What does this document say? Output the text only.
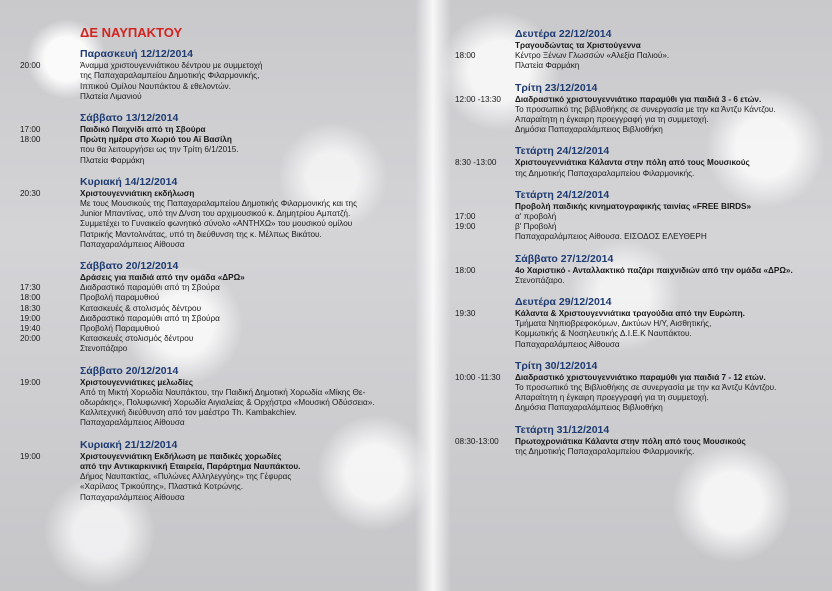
ΔΕ ΝΑΥΠΑΚΤΟΥ
Παρασκευή 12/12/2014
20:00	Άναμμα χριστουγεννιάτικου δέντρου με συμμετοχή
της Παπαχαραλαμπείου Δημοτικής Φιλαρμονικής,
Ιππικού Ομίλου Ναυπάκτου & εθελοντών.
Πλατεία Λιμανιού
Σάββατο 13/12/2014
17:00	Παιδικό Παιχνίδι από τη Σβούρα
18:00	Πρώτη ημέρα στο Χωριό του Αϊ Βασίλη
που θα λειτουργήσει ως την Τρίτη 6/1/2015.
Πλατεία Φαρμάκη
Κυριακή 14/12/2014
20:30	Χριστουγεννιάτικη εκδήλωση
Με τους Μουσικούς της Παπαχαραλαμπείου Δημοτικής Φιλαρμονικής και της
Junior Μπαντίνας, υπό την Δ/νση του αρχιμουσικού κ. Δημητρίου Αμπατζή.
Συμμετέχει το Γυναικείο φωνητικό σύνολο «ΑΝΤΗΧΩ» του μουσικού ομίλου
Πατρικής Μαντολινάτας, υπό τη διεύθυνση της κ. Μέλπως Βικάτου.
Παπαχαραλάμπειος Αίθουσα
Σάββατο 20/12/2014
Δράσεις για παιδιά από την ομάδα «ΔΡΩ»
17:30	Διαδραστικό παραμύθι από τη Σβούρα
18:00	Προβολή παραμυθιού
18:30	Κατασκευές & στολισμός δέντρου
19:00	Διαδραστικό παραμύθι από τη Σβούρα
19:40	Προβολή Παραμυθιού
20:00	Κατασκευές στολισμός δέντρου
Στενοπάζαρο
Σάββατο 20/12/2014
19:00	Χριστουγεννιάτικες μελωδίες
Από τη Μικτή Χορωδία Ναυπάκτου, την Παιδική Δημοτική Χορωδία «Μίκης Θε-
οδωράκης», Πολυφωνική Χορωδία Αιγιαλείας & Ορχήστρα «Μουσική Οδύσσεια».
Καλλιτεχνική διεύθυνση από τον μαέστρο Th. Kambakchiev.
Παπαχαραλάμπειος Αίθουσα
Κυριακή 21/12/2014
19:00	Χριστουγεννιάτικη Εκδήλωση με παιδικές χορωδίες
από την Αντικαρκινική Εταιρεία, Παράρτημα Ναυπάκτου.
Δήμος Ναυπακτίας, «Πυλώνες Αλληλεγγύης» της Γέφυρας
«Χαρίλαος Τρικούπης», Πλαστικά Κοτρώνης.
Παπαχαραλάμπειος Αίθουσα
Δευτέρα 22/12/2014
Τραγουδώντας τα Χριστούγεννα
18:00	Κέντρο Ξένων Γλωσσών «Αλεξία Παλιού».
Πλατεία Φαρμάκη
Τρίτη 23/12/2014
12:00 -13:30	Διαδραστικό χριστουγεννιάτικο παραμύθι για παιδιά 3 - 6 ετών.
Το προσωπικό της βιβλιοθήκης σε συνεργασία με την κα Άντζυ Κάντζου.
Απαραίτητη η έγκαιρη προεγγραφή για τη συμμετοχή.
Δημόσια Παπαχαραλάμπειος Βιβλιοθήκη
Τετάρτη 24/12/2014
8:30 -13:00	Χριστουγεννιάτικα Κάλαντα στην πόλη από τους Μουσικούς
της Δημοτικής Παπαχαραλαμπείου Φιλαρμονικής.
Τετάρτη 24/12/2014
Προβολή παιδικής κινηματογραφικής ταινίας «FREE BIRDS»
17:00	α' προβολή
19:00	β' Προβολή
Παπαχαραλάμπειος Αίθουσα. ΕΙΣΟΔΟΣ ΕΛΕΥΘΕΡΗ
Σάββατο 27/12/2014
18:00	4ο Χαριστικό - Ανταλλακτικό παζάρι παιχνιδιών από την ομάδα «ΔΡΩ».
Στενοπάζαρο.
Δευτέρα 29/12/2014
19:30	Κάλαντα & Χριστουγεννιάτικα τραγούδια από την Ευρώπη.
Τμήματα Νηπιοβρεφοκόμων, Δικτύων Η/Υ, Αισθητικής,
Κομμωτικής & Νοσηλευτικής Δ.Ι.Ε.Κ Ναυπάκτου.
Παπαχαραλάμπειος Αίθουσα
Τρίτη 30/12/2014
10:00 -11:30	Διαδραστικό χριστουγεννιάτικο παραμύθι για παιδιά 7 - 12 ετών.
Το προσωπικό της Βιβλιοθήκης σε συνεργασία με την κα Άντζυ Κάντζου.
Απαραίτητη η έγκαιρη προεγγραφή για τη συμμετοχή.
Δημόσια Παπαχαραλάμπειος Βιβλιοθήκη
Τετάρτη 31/12/2014
08:30-13:00	Πρωτοχρονιάτικα Κάλαντα στην πόλη από τους Μουσικούς
της Δημοτικής Παπαχαραλαμπείου Φιλαρμονικής.
